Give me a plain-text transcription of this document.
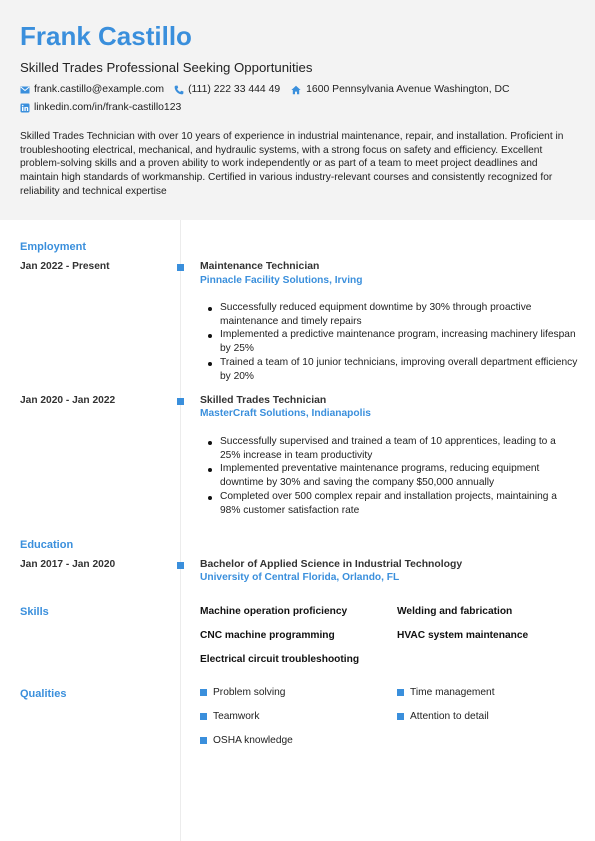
Frank Castillo
Skilled Trades Professional Seeking Opportunities
frank.castillo@example.com (111) 222 33 444 49	1600 Pennsylvania Avenue Washington, DC
linkedin.com/in/frank-castillo123
Skilled Trades Technician with over 10 years of experience in industrial maintenance, repair, and installation. Proficient in troubleshooting electrical, mechanical, and hydraulic systems, with a strong focus on safety and efficiency. Excellent problem-solving skills and a proven ability to work independently or as part of a team to meet project deadlines and maintain high standards of workmanship. Certified in various industry-relevant courses and consistently recognized for reliability and technical expertise
Employment
Jan 2022 - Present	Maintenance Technician
Pinnacle Facility Solutions, Irving
Successfully reduced equipment downtime by 30% through proactive maintenance and timely repairs
Implemented a predictive maintenance program, increasing machinery lifespan by 25%
Trained a team of 10 junior technicians, improving overall department efficiency by 20%
Jan 2020 - Jan 2022	Skilled Trades Technician
MasterCraft Solutions, Indianapolis
Successfully supervised and trained a team of 10 apprentices, leading to a 25% increase in team productivity
Implemented preventative maintenance programs, reducing equipment downtime by 30% and saving the company $50,000 annually
Completed over 500 complex repair and installation projects, maintaining a 98% customer satisfaction rate
Education
Jan 2017 - Jan 2020	Bachelor of Applied Science in Industrial Technology
University of Central Florida, Orlando, FL
Skills	Machine operation proficiency	Welding and fabrication
CNC machine programming	HVAC system maintenance
Electrical circuit troubleshooting
Qualities	Problem solving	Time management
Teamwork	Attention to detail
OSHA knowledge
